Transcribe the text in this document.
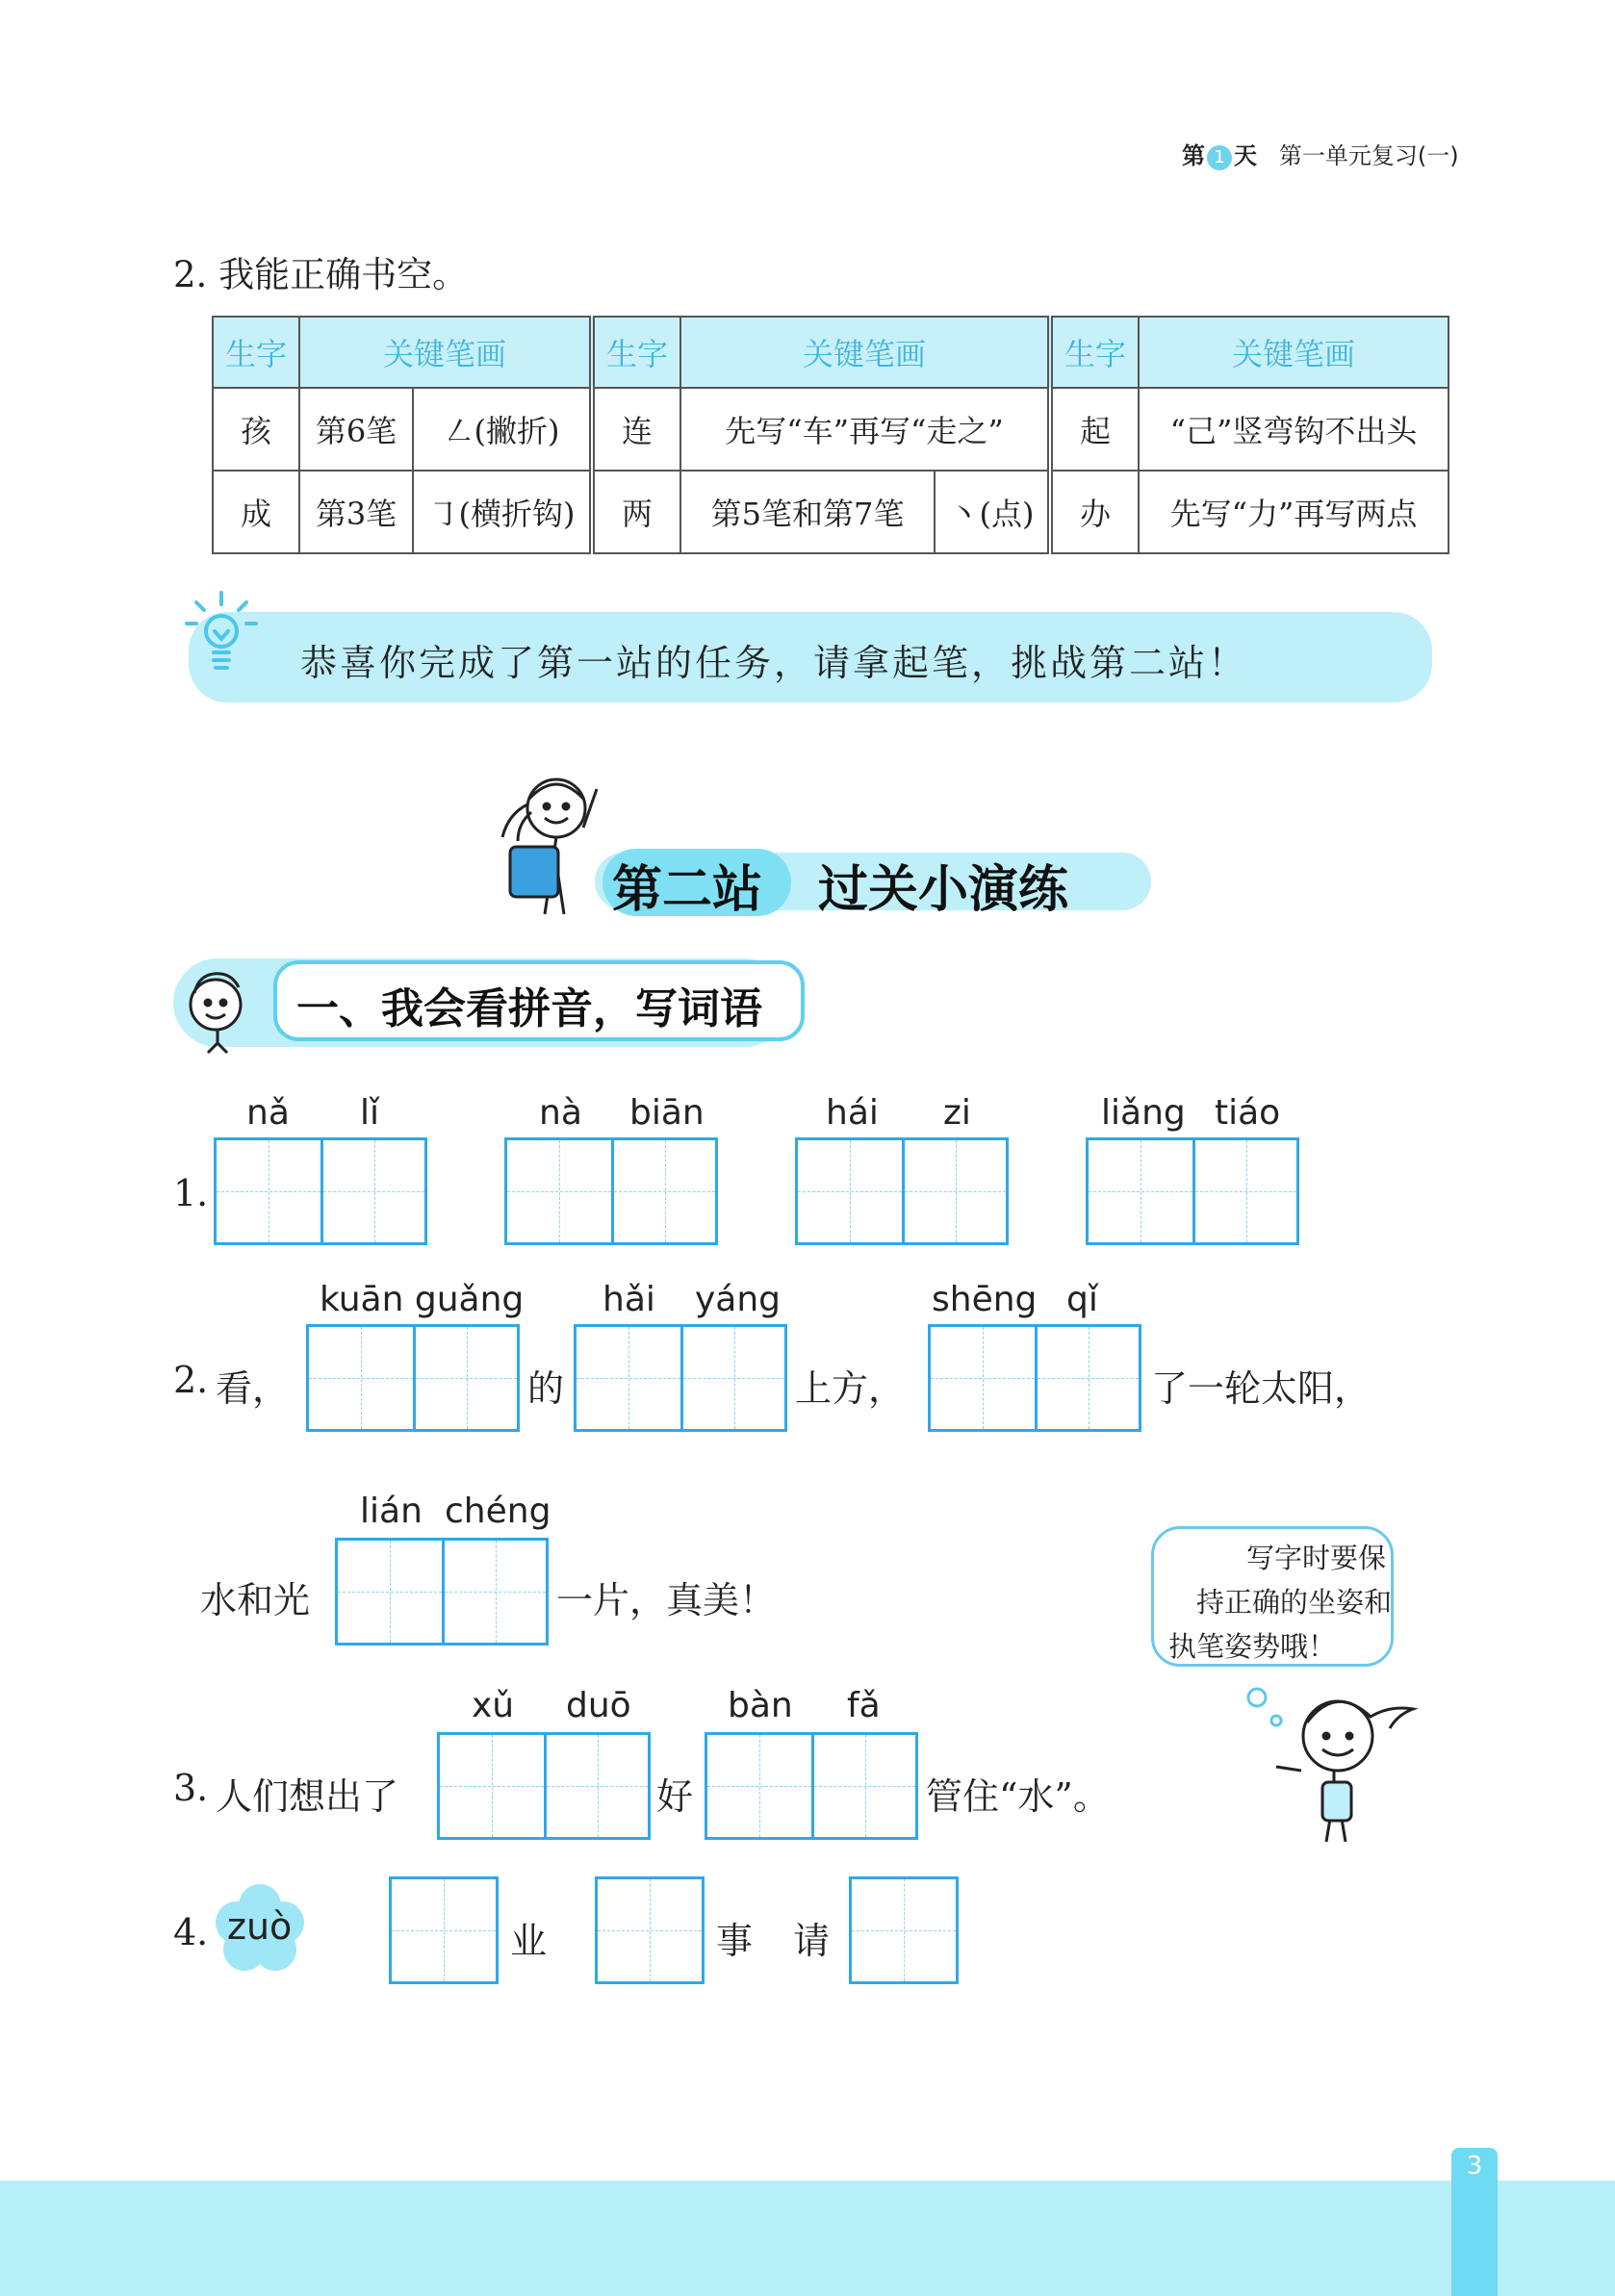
第 1 天 第一单元复习(一)
2. 我能正确书空。
生字	关键笔画		生字	关键笔画		生字	关键笔画
孩	第6笔	㇜(撇折)	连	先写“车”再写“走之”		起	“己”竖弯钩不出头
成	第3笔	㇆(横折钩)	两	第5笔和第7笔	丶(点)	办	先写“力”再写两点
恭喜你完成了第一站的任务，请拿起笔，挑战第二站！
第二站 过关小演练
一、我会看拼音，写词语
1.
nǎ lǐ	nà biān	hái zi	liǎng tiáo
2. 看，
kuān guǎng
的
hǎi yáng
上方，
shēng qǐ
了一轮太阳，
水和光
lián chéng
一片，真美！
写字时要保
持正确的坐姿和
执笔姿势哦！
3. 人们想出了
xǔ duō
好
bàn fǎ
管住“水”。
4. zuò	业	事 请
3
